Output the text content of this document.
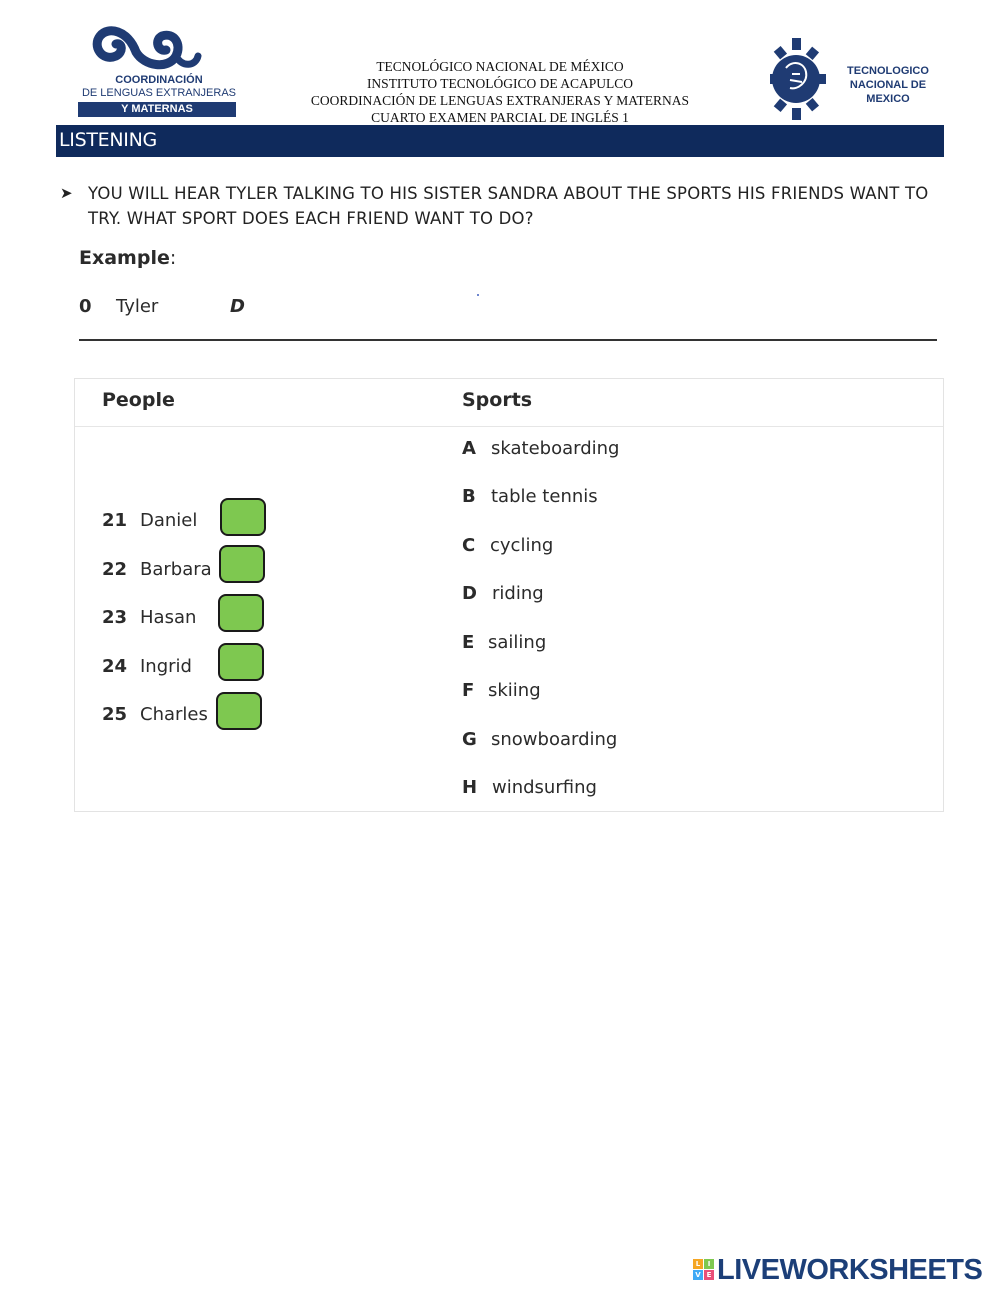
COORDINACIÓN
DE LENGUAS EXTRANJERAS
Y MATERNAS
TECNOLÓGICO NACIONAL DE MÉXICO
INSTITUTO TECNOLÓGICO DE ACAPULCO
COORDINACIÓN DE LENGUAS EXTRANJERAS Y MATERNAS
CUARTO EXAMEN PARCIAL DE INGLÉS 1
TECNOLOGICO
NACIONAL DE MEXICO
LISTENING
➤ YOU WILL HEAR TYLER TALKING TO HIS SISTER SANDRA ABOUT THE SPORTS HIS FRIENDS WANT TO TRY. WHAT SPORT DOES EACH FRIEND WANT TO DO?
Example:
0 Tyler	D
People	Sports
21 Daniel
22 Barbara
23 Hasan
24 Ingrid
25 Charles
A skateboarding
B table tennis
C cycling
D riding
E sailing
F skiing
G snowboarding
H windsurfing
L	I
V E LIVEWORKSHEETS
